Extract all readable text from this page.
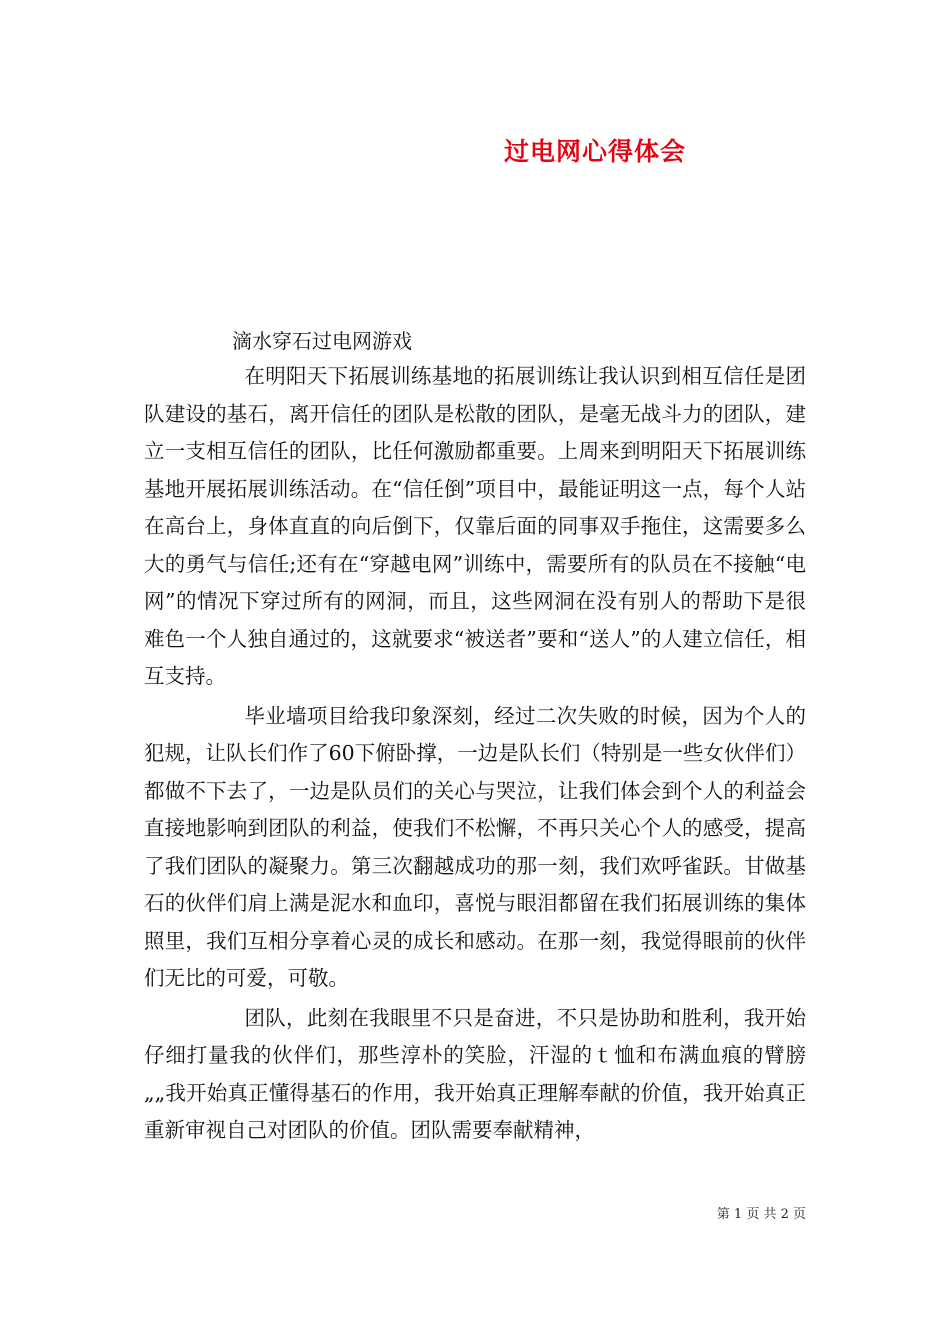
过电网心得体会
滴水穿石过电网游戏

在明阳天下拓展训练基地的拓展训练让我认识到相互信任是团队建设的基石，离开信任的团队是松散的团队，是毫无战斗力的团队，建立一支相互信任的团队，比任何激励都重要。上周来到明阳天下拓展训练基地开展拓展训练活动。在“信任倒”项目中，最能证明这一点，每个人站在高台上，身体直直的向后倒下，仅靠后面的同事双手拖住，这需要多么大的勇气与信任;还有在“穿越电网”训练中，需要所有的队员在不接触“电网”的情况下穿过所有的网洞，而且，这些网洞在没有别人的帮助下是很难色一个人独自通过的，这就要求“被送者”要和“送人”的人建立信任，相互支持。

毕业墙项目给我印象深刻，经过二次失败的时候，因为个人的犯规，让队长们作了60下俯卧撑，一边是队长们（特别是一些女伙伴们）都做不下去了，一边是队员们的关心与哭泣，让我们体会到个人的利益会直接地影响到团队的利益，使我们不松懈，不再只关心个人的感受，提高了我们团队的凝聚力。第三次翻越成功的那一刻，我们欢呼雀跃。甘做基石的伙伴们肩上满是泥水和血印，喜悦与眼泪都留在我们拓展训练的集体照里，我们互相分享着心灵的成长和感动。在那一刻，我觉得眼前的伙伴们无比的可爱，可敬。

团队，此刻在我眼里不只是奋进，不只是协助和胜利，我开始仔细打量我的伙伴们，那些淳朴的笑脸，汗湿的ｔ恤和布满血痕的臂膀„„我开始真正懂得基石的作用，我开始真正理解奉献的价值，我开始真正重新审视自己对团队的价值。团队需要奉献精神，

第 1 页 共 2 页
